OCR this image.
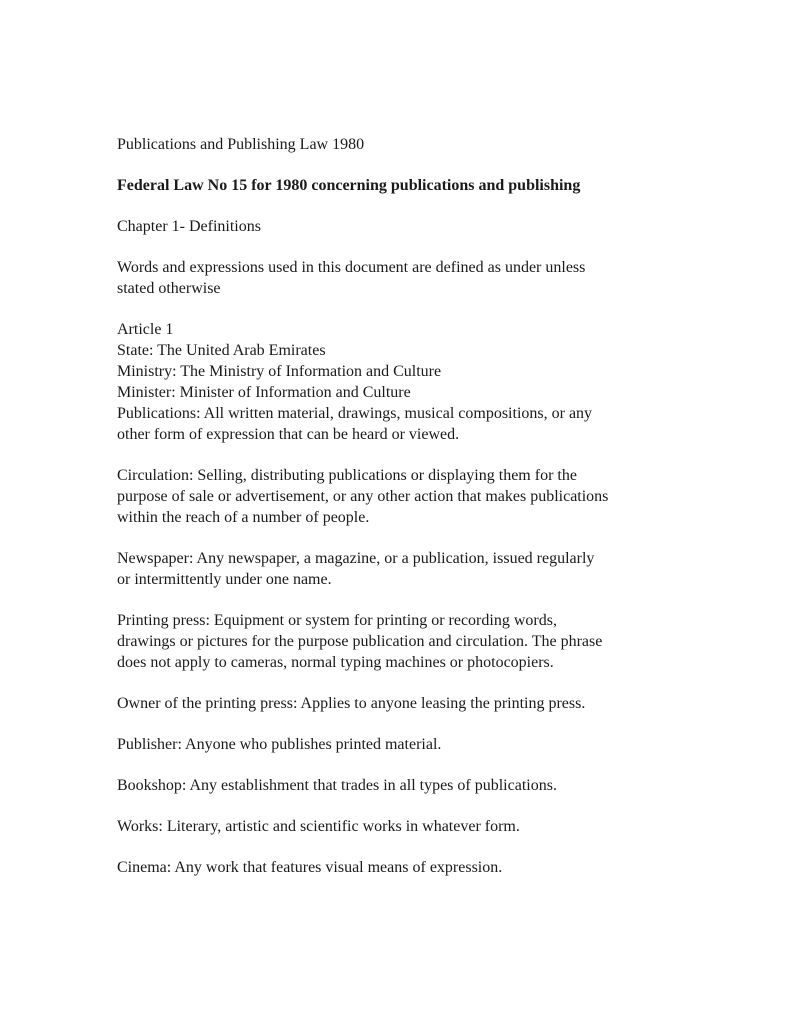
Publications and Publishing Law 1980

Federal Law No 15 for 1980 concerning publications and publishing

Chapter 1- Definitions

Words and expressions used in this document are defined as under unless

stated otherwise

Article 1

State: The United Arab Emirates

Ministry: The Ministry of Information and Culture

Minister: Minister of Information and Culture

Publications: All written material, drawings, musical compositions, or any

other form of expression that can be heard or viewed.

Circulation: Selling, distributing publications or displaying them for the

purpose of sale or advertisement, or any other action that makes publications

within the reach of a number of people.

Newspaper: Any newspaper, a magazine, or a publication, issued regularly

or intermittently under one name.

Printing press: Equipment or system for printing or recording words,

drawings or pictures for the purpose publication and circulation. The phrase

does not apply to cameras, normal typing machines or photocopiers.

Owner of the printing press: Applies to anyone leasing the printing press.

Publisher: Anyone who publishes printed material.

Bookshop: Any establishment that trades in all types of publications.

Works: Literary, artistic and scientific works in whatever form.

Cinema: Any work that features visual means of expression.
